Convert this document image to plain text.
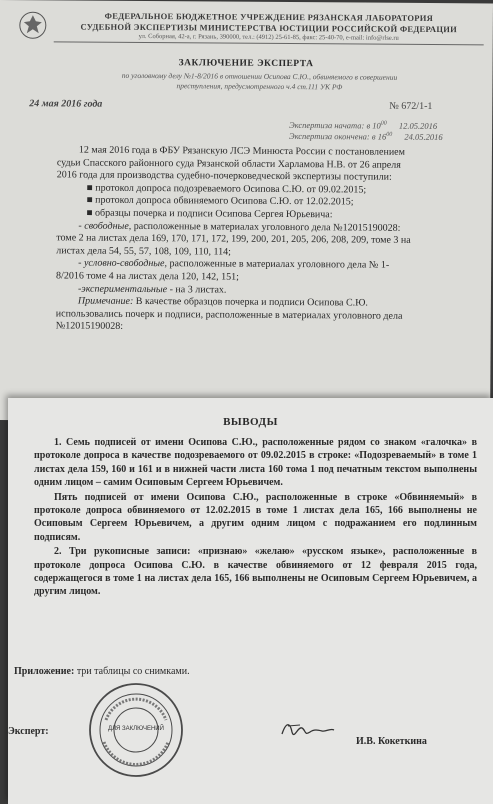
ФЕДЕРАЛЬНОЕ БЮДЖЕТНОЕ УЧРЕЖДЕНИЕ РЯЗАНСКАЯ ЛАБОРАТОРИЯ
СУДЕБНОЙ ЭКСПЕРТИЗЫ МИНИСТЕРСТВА ЮСТИЦИИ РОССИЙСКОЙ ФЕДЕРАЦИИ
ул. Соборная, 42-а, г. Рязань, 390000, тел.: (4912) 25-61-85, факс: 25-40-70, e-mail: info@rlse.ru
ЗАКЛЮЧЕНИЕ ЭКСПЕРТА
по уголовному делу №1-8/2016 в отношении Осипова С.Ю., обвиняемого в совершении
преступления, предусмотренного ч.4 ст.111 УК РФ
24 мая 2016 года	№ 672/1-1
Экспертиза начата: в $10^{00}$ 12.05.2016
Экспертиза окончена: в $16^{00}$ 24.05.2016

12 мая 2016 года в ФБУ Рязанскую ЛСЭ Минюста России с постановлением

судьи Спасского районного суда Рязанской области Харламова Н.В. от 26 апреля

2016 года для производства судебно-почерковедческой экспертизы поступили:

■ протокол допроса подозреваемого Осипова С.Ю. от 09.02.2015;

■ протокол допроса обвиняемого Осипова С.Ю. от 12.02.2015;

■ образцы почерка и подписи Осипова Сергея Юрьевича:

- свободные, расположенные в материалах уголовного дела №12015190028:

томе 2 на листах дела 169, 170, 171, 172, 199, 200, 201, 205, 206, 208, 209, томе 3 на

листах дела 54, 55, 57, 108, 109, 110, 114;

- условно-свободные, расположенные в материалах уголовного дела № 1-

8/2016 томе 4 на листах дела 120, 142, 151;

-экспериментальные - на 3 листах.

Примечание: В качестве образцов почерка и подписи Осипова С.Ю.

использовались почерк и подписи, расположенные в материалах уголовного дела

№12015190028:

ВЫВОДЫ

1. Семь подписей от имени Осипова С.Ю., расположенные рядом со знаком «галочка» в протоколе допроса в качестве подозреваемого от 09.02.2015 в строке: «Подозреваемый» в томе 1 листах дела 159, 160 и 161 и в нижней части листа 160 тома 1 под печатным текстом выполнены одним лицом – самим Осиповым Сергеем Юрьевичем.

Пять подписей от имени Осипова С.Ю., расположенные в строке «Обвиняемый» в протоколе допроса обвиняемого от 12.02.2015 в томе 1 листах дела 165, 166 выполнены не Осиповым Сергеем Юрьевичем, а другим одним лицом с подражанием его подлинным подписям.

2. Три рукописные записи: «признаю» «желаю» «русском языке», расположенные в протоколе допроса Осипова С.Ю. в качестве обвиняемого от 12 февраля 2015 года, содержащегося в томе 1 на листах дела 165, 166 выполнены не Осиповым Сергеем Юрьевичем, а другим лицом.

Приложение: три таблицы со снимками.
ДЛЯ ЗАКЛЮЧЕНИЙ
Эксперт:
И.В. Кокеткина
